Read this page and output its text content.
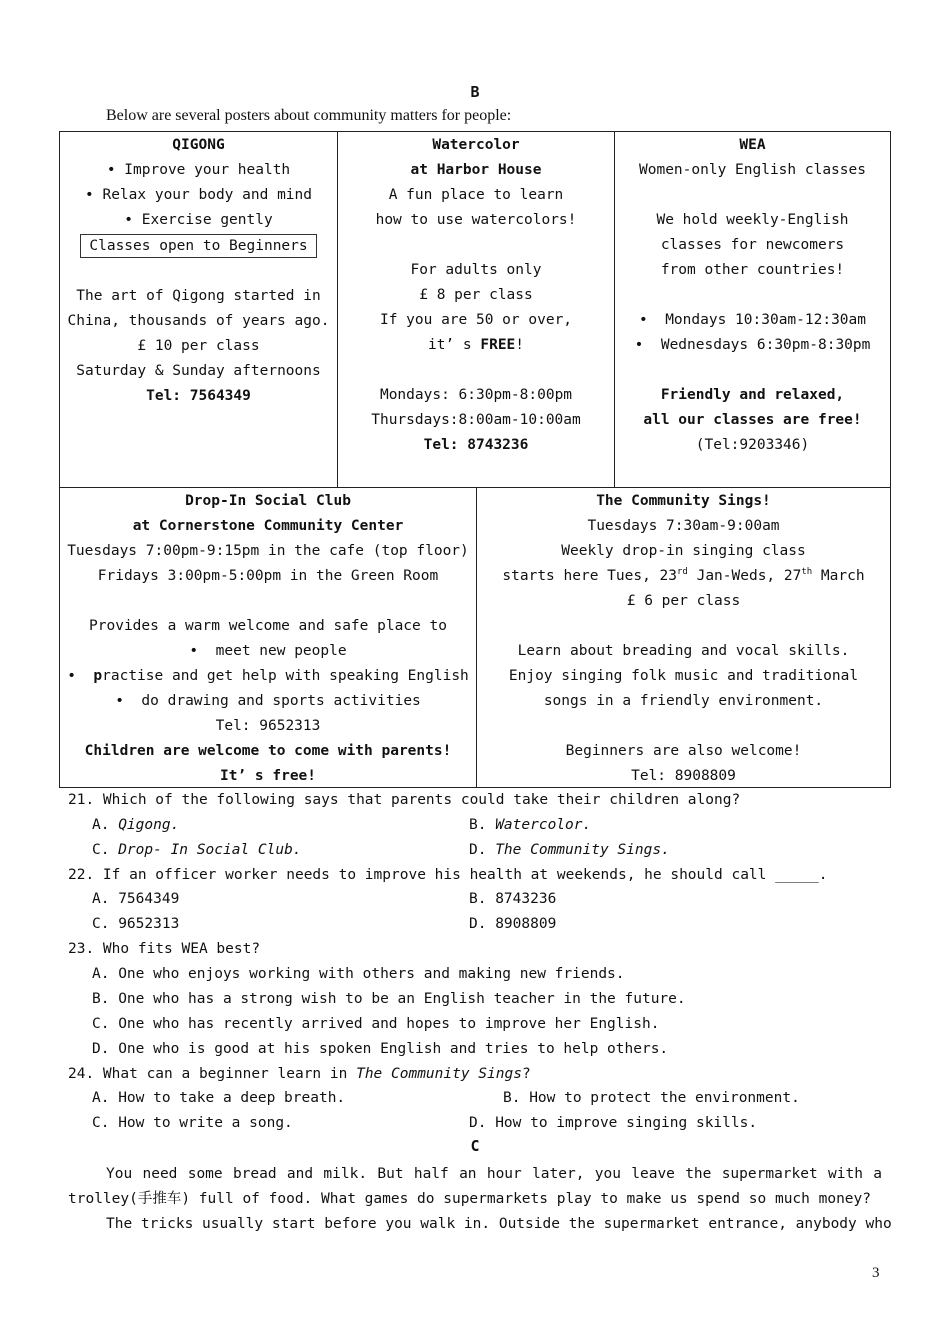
B
Below are several posters about community matters for people:
QIGONG
• Improve your health
• Relax your body and mind
• Exercise gently
Classes open to Beginners
The art of Qigong started in
China, thousands of years ago.
£ 10 per class
Saturday & Sunday afternoons
Tel: 7564349
Watercolor
at Harbor House
A fun place to learn
how to use watercolors!
For adults only
£ 8 per class
If you are 50 or over,
it’ s FREE!
Mondays: 6:30pm-8:00pm
Thursdays:8:00am-10:00am
Tel: 8743236
WEA
Women-only English classes
We hold weekly-English
classes for newcomers
from other countries!
•  Mondays 10:30am-12:30am
•  Wednesdays 6:30pm-8:30pm
Friendly and relaxed,
all our classes are free!
(Tel:9203346)
Drop-In Social Club
at Cornerstone Community Center
Tuesdays 7:00pm-9:15pm in the cafe (top floor)
Fridays 3:00pm-5:00pm in the Green Room
Provides a warm welcome and safe place to
•  meet new people
•  practise and get help with speaking English
•  do drawing and sports activities
Tel: 9652313
Children are welcome to come with parents!
It’ s free!
The Community Sings!
Tuesdays 7:30am-9:00am
Weekly drop-in singing class
starts here Tues, 23rd Jan-Weds, 27th March
£ 6 per class
Learn about breading and vocal skills.
Enjoy singing folk music and traditional
songs in a friendly environment.
Beginners are also welcome!
Tel: 8908809
21. Which of the following says that parents could take their children along?
A. Qigong.	B. Watercolor.
C. Drop- In Social Club.	D. The Community Sings.
22. If an officer worker needs to improve his health at weekends, he should call _____.
A. 7564349	B. 8743236
C. 9652313	D. 8908809
23. Who fits WEA best?
A. One who enjoys working with others and making new friends.
B. One who has a strong wish to be an English teacher in the future.
C. One who has recently arrived and hopes to improve her English.
D. One who is good at his spoken English and tries to help others.
24. What can a beginner learn in The Community Sings?
A. How to take a deep breath.	B. How to protect the environment.
C. How to write a song.	D. How to improve singing skills.
C
You need some bread and milk. But half an hour later, you leave the supermarket with a trolley(手推车) full of food. What games do supermarkets play to make us spend so much money?
The tricks usually start before you walk in. Outside the supermarket entrance, anybody who
3
